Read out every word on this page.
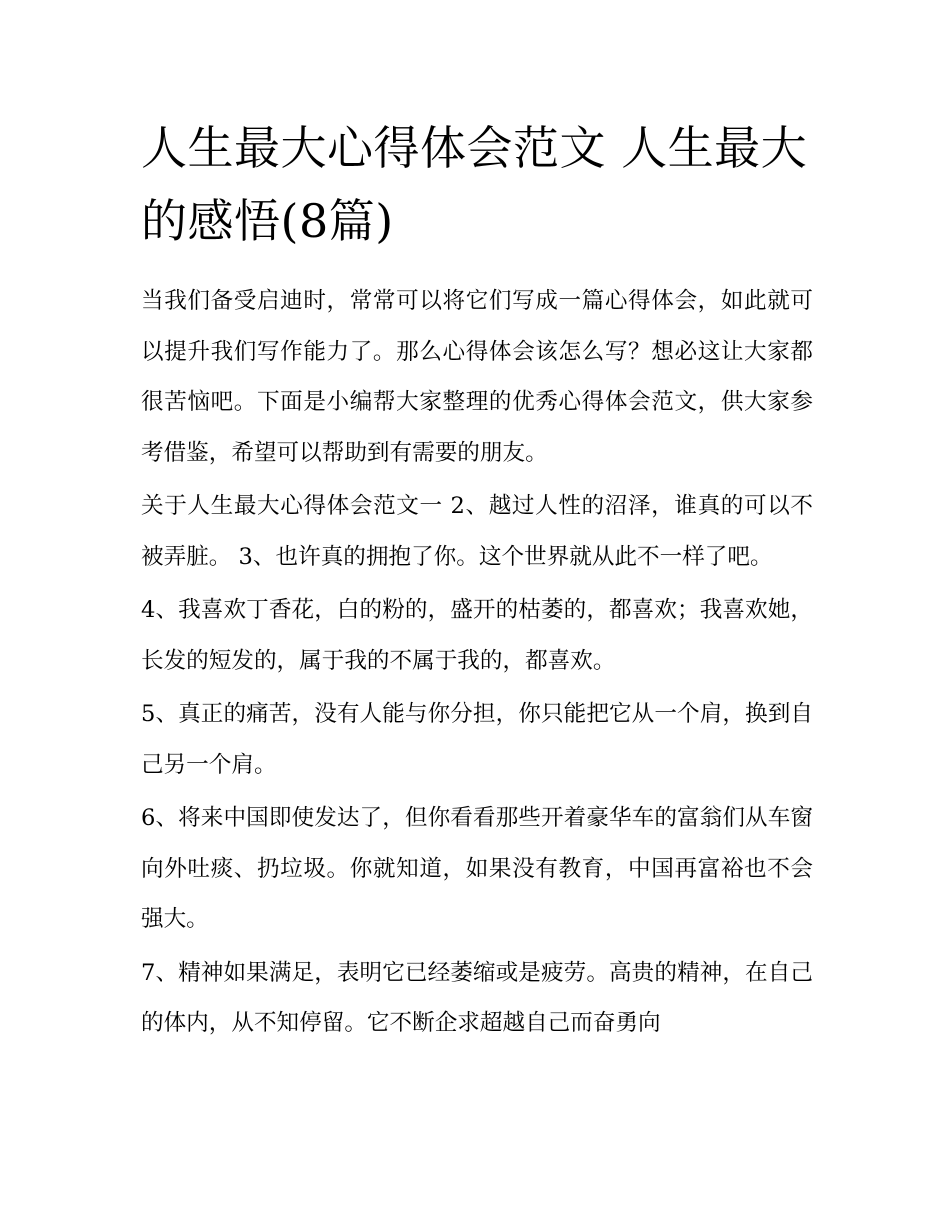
人生最大心得体会范文 人生最大的感悟(8篇)

当我们备受启迪时，常常可以将它们写成一篇心得体会，如此就可以提升我们写作能力了。那么心得体会该怎么写？想必这让大家都很苦恼吧。下面是小编帮大家整理的优秀心得体会范文，供大家参考借鉴，希望可以帮助到有需要的朋友。

关于人生最大心得体会范文一 2、越过人性的沼泽，谁真的可以不被弄脏。 3、也许真的拥抱了你。这个世界就从此不一样了吧。

4、我喜欢丁香花，白的粉的，盛开的枯萎的，都喜欢；我喜欢她，长发的短发的，属于我的不属于我的，都喜欢。

5、真正的痛苦，没有人能与你分担，你只能把它从一个肩，换到自己另一个肩。

6、将来中国即使发达了，但你看看那些开着豪华车的富翁们从车窗向外吐痰、扔垃圾。你就知道，如果没有教育，中国再富裕也不会强大。

7、精神如果满足，表明它已经萎缩或是疲劳。高贵的精神，在自己的体内，从不知停留。它不断企求超越自己而奋勇向
